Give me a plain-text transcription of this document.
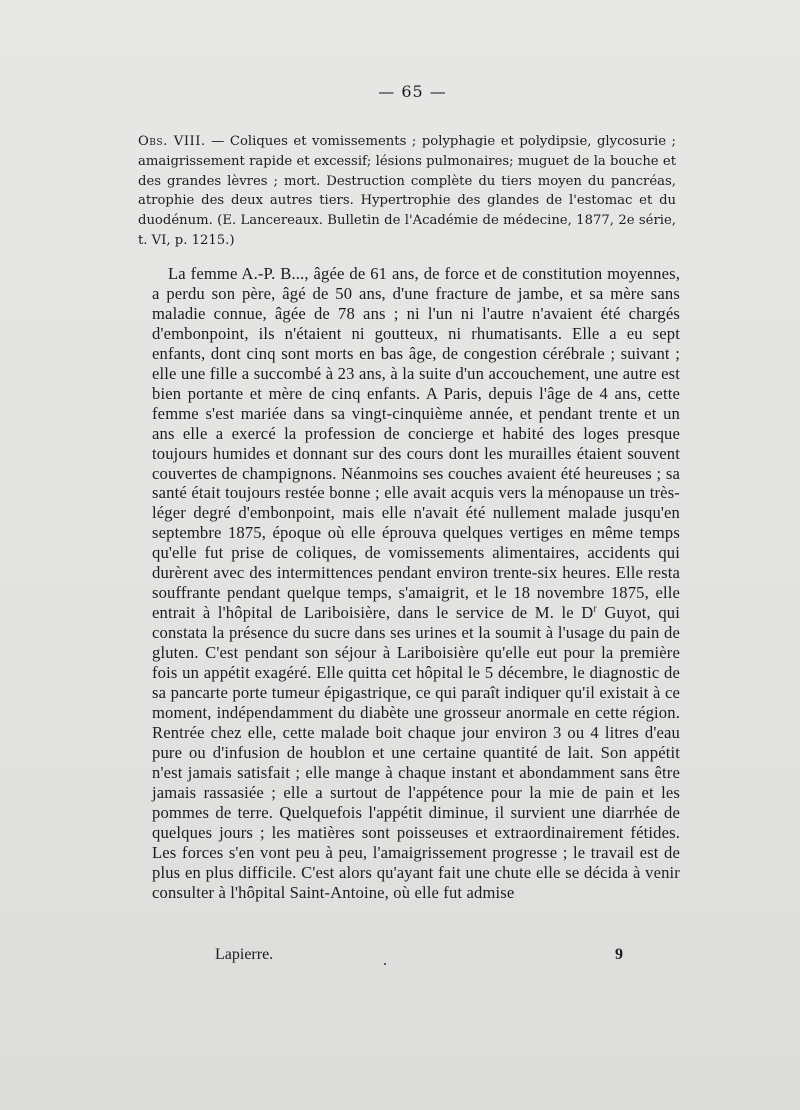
— 65 —
Obs. VIII. — Coliques et vomissements ; polyphagie et polydipsie, glycosurie ; amaigrissement rapide et excessif; lésions pulmonaires; muguet de la bouche et des grandes lèvres ; mort. Destruction complète du tiers moyen du pancréas, atrophie des deux autres tiers. Hypertrophie des glandes de l'estomac et du duodénum. (E. Lancereaux. Bulletin de l'Académie de médecine, 1877, 2e série, t. VI, p. 1215.)

La femme A.-P. B..., âgée de 61 ans, de force et de constitution moyennes, a perdu son père, âgé de 50 ans, d'une fracture de jambe, et sa mère sans maladie connue, âgée de 78 ans ; ni l'un ni l'autre n'avaient été chargés d'embonpoint, ils n'étaient ni goutteux, ni rhumatisants. Elle a eu sept enfants, dont cinq sont morts en bas âge, de congestion cérébrale ; suivant ; elle une fille a succombé à 23 ans, à la suite d'un accouchement, une autre est bien portante et mère de cinq enfants. A Paris, depuis l'âge de 4 ans, cette femme s'est mariée dans sa vingt-cinquième année, et pendant trente et un ans elle a exercé la profession de concierge et habité des loges presque toujours humides et donnant sur des cours dont les murailles étaient souvent couvertes de champignons. Néanmoins ses couches avaient été heureuses ; sa santé était toujours restée bonne ; elle avait acquis vers la ménopause un très-léger degré d'embonpoint, mais elle n'avait été nullement malade jusqu'en septembre 1875, époque où elle éprouva quelques vertiges en même temps qu'elle fut prise de coliques, de vomissements alimentaires, accidents qui durèrent avec des intermittences pendant environ trente-six heures. Elle resta souffrante pendant quelque temps, s'amaigrit, et le 18 novembre 1875, elle entrait à l'hôpital de Lariboisière, dans le service de M. le $D^r$ Guyot, qui constata la présence du sucre dans ses urines et la soumit à l'usage du pain de gluten. C'est pendant son séjour à Lariboisière qu'elle eut pour la première fois un appétit exagéré. Elle quitta cet hôpital le 5 décembre, le diagnostic de sa pancarte porte tumeur épigastrique, ce qui paraît indiquer qu'il existait à ce moment, indépendamment du diabète une grosseur anormale en cette région. Rentrée chez elle, cette malade boit chaque jour environ 3 ou 4 litres d'eau pure ou d'infusion de houblon et une certaine quantité de lait. Son appétit n'est jamais satisfait ; elle mange à chaque instant et abondamment sans être jamais rassasiée ; elle a surtout de l'appétence pour la mie de pain et les pommes de terre. Quelquefois l'appétit diminue, il survient une diarrhée de quelques jours ; les matières sont poisseuses et extraordinairement fétides. Les forces s'en vont peu à peu, l'amaigrissement progresse ; le travail est de plus en plus difficile. C'est alors qu'ayant fait une chute elle se décida à venir consulter à l'hôpital Saint-Antoine, où elle fut admise

Lapierre.	.	9
